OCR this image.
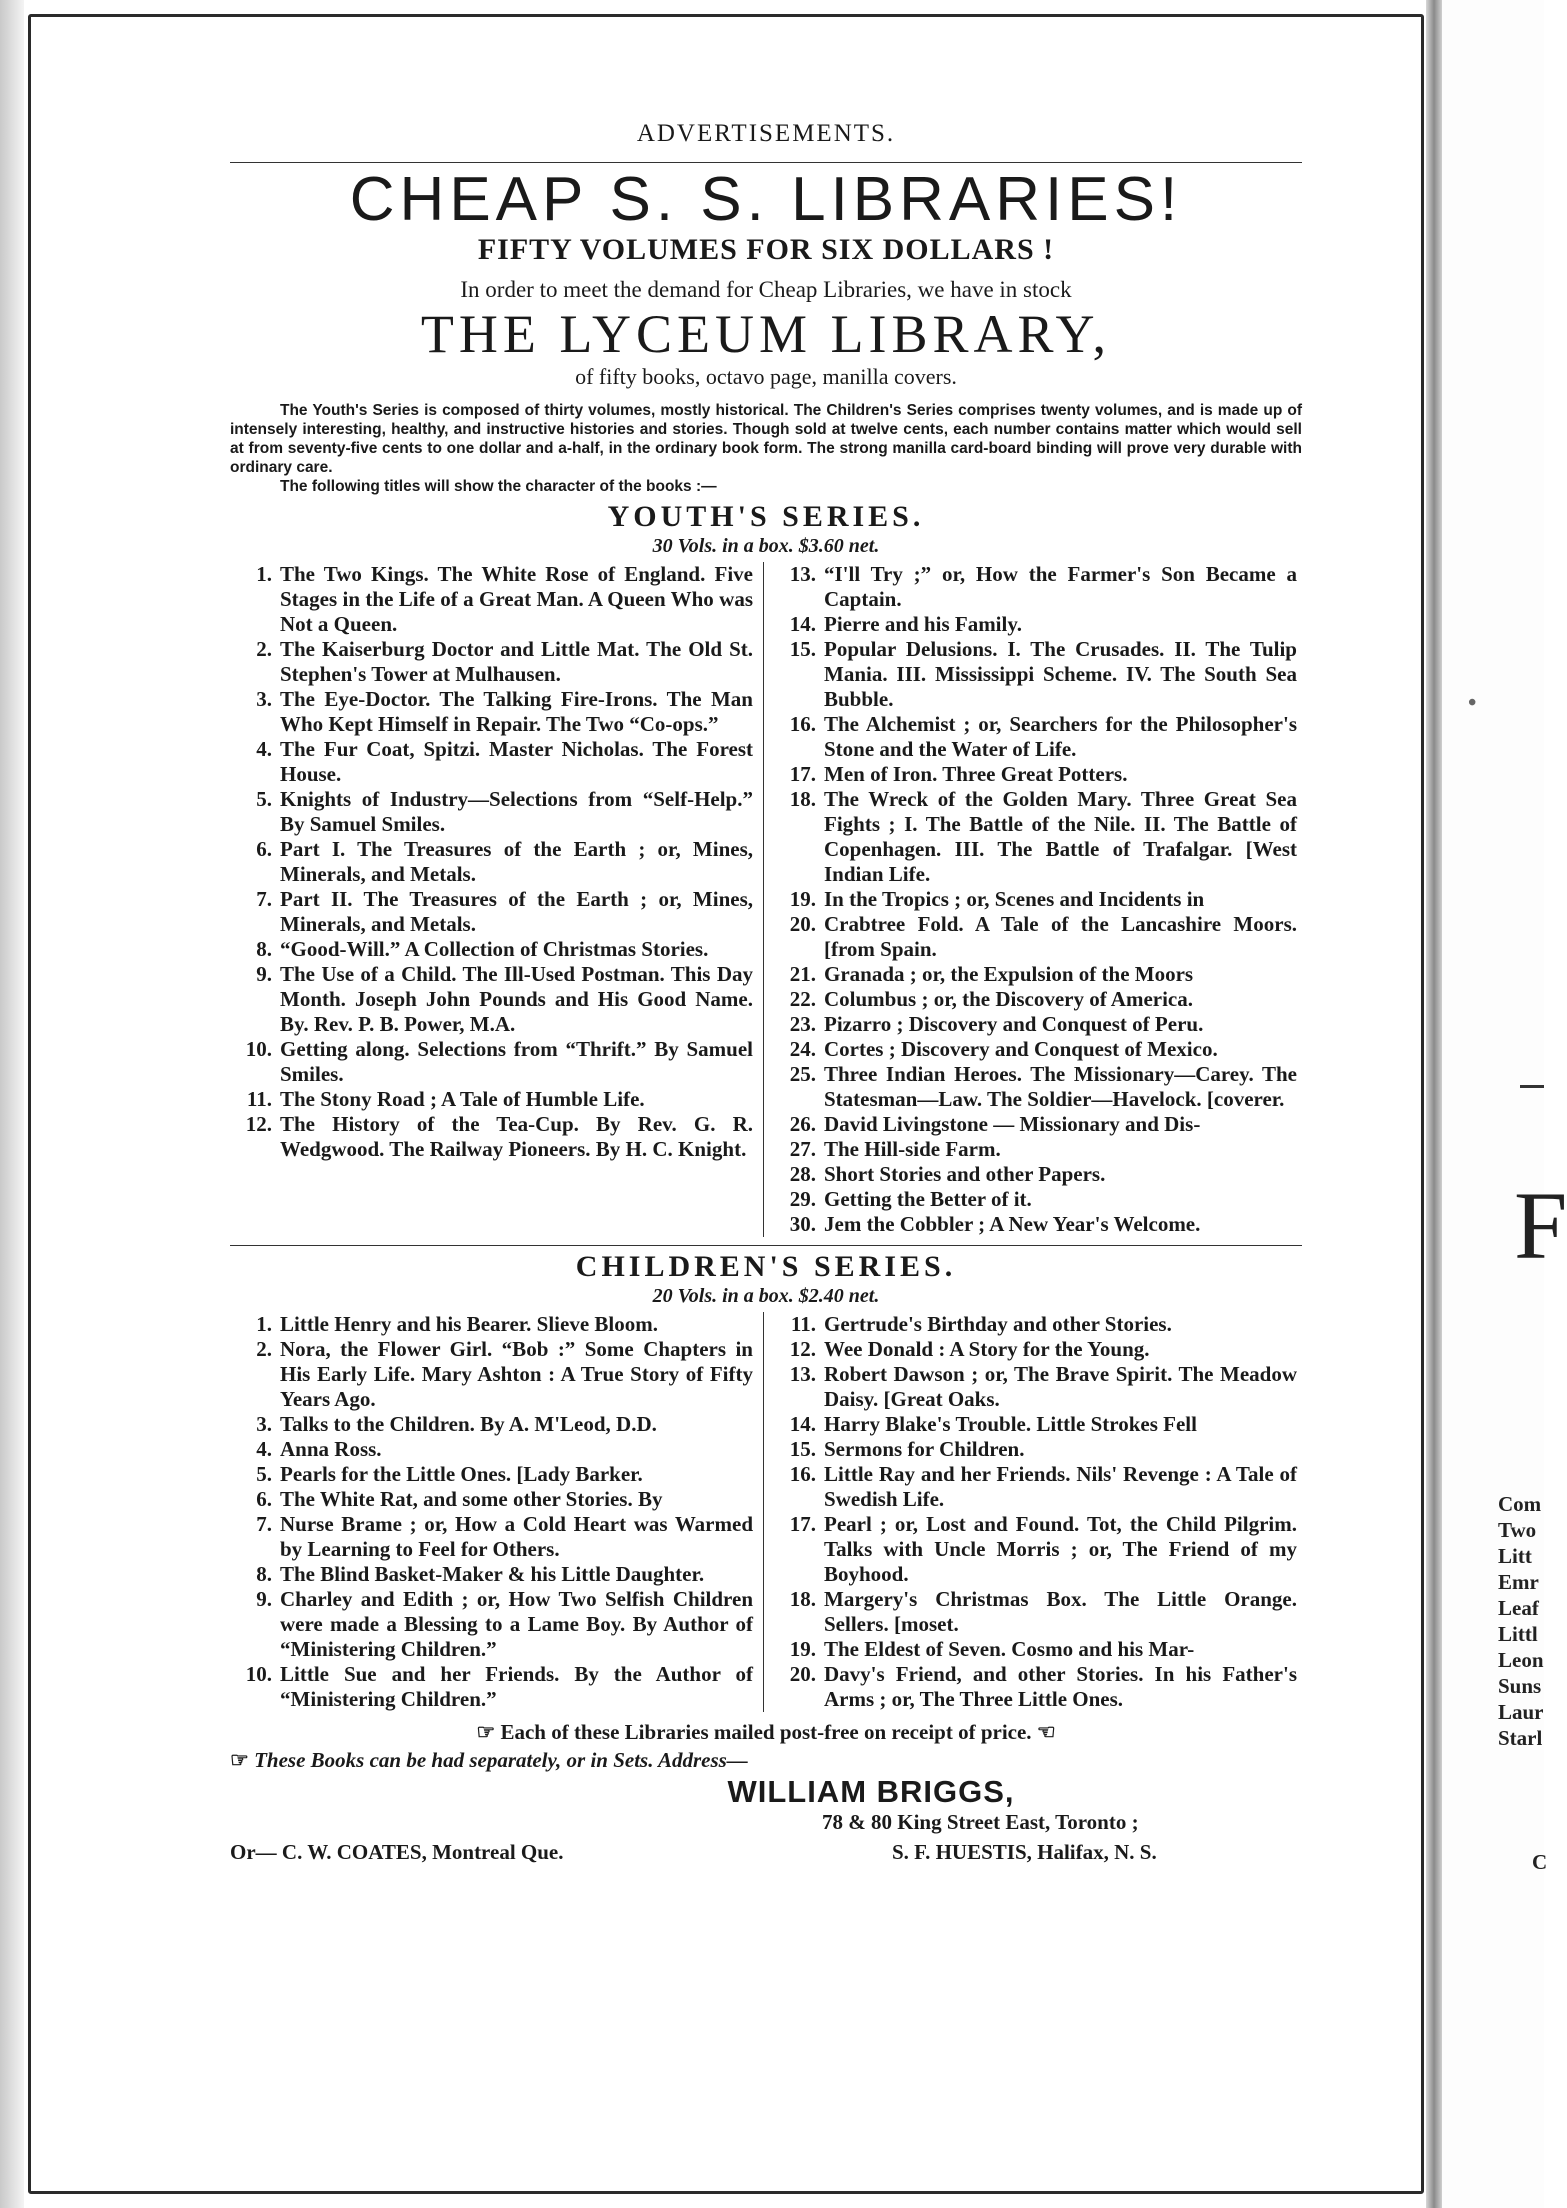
•
F
Com
Two
Litt
Emr
Leaf
Littl
Leon
Suns
Laur
Starl
C
ADVERTISEMENTS.
CHEAP S. S. LIBRARIES!
FIFTY VOLUMES FOR SIX DOLLARS !
In order to meet the demand for Cheap Libraries, we have in stock
THE LYCEUM LIBRARY,
of fifty books, octavo page, manilla covers.
The Youth's Series is composed of thirty volumes, mostly historical. The Children's Series comprises twenty volumes, and is made up of intensely interesting, healthy, and instructive histories and stories. Though sold at twelve cents, each number contains matter which would sell at from seventy-five cents to one dollar and a-half, in the ordinary book form. The strong manilla card-board binding will prove very durable with ordinary care.
The following titles will show the character of the books :—
YOUTH'S SERIES.
30 Vols. in a box. $3.60 net.
1. The Two Kings. The White Rose of England. Five Stages in the Life of a Great Man. A Queen Who was Not a Queen.
2. The Kaiserburg Doctor and Little Mat. The Old St. Stephen's Tower at Mulhausen.
3. The Eye-Doctor. The Talking Fire-Irons. The Man Who Kept Himself in Repair. The Two “Co-ops.”
4. The Fur Coat, Spitzi. Master Nicholas. The Forest House.
5. Knights of Industry—Selections from “Self-Help.” By Samuel Smiles.
6. Part I. The Treasures of the Earth ; or, Mines, Minerals, and Metals.
7. Part II. The Treasures of the Earth ; or, Mines, Minerals, and Metals.
8. “Good-Will.” A Collection of Christmas Stories.
9. The Use of a Child. The Ill-Used Postman. This Day Month. Joseph John Pounds and His Good Name. By. Rev. P. B. Power, M.A.
10. Getting along. Selections from “Thrift.” By Samuel Smiles.
11. The Stony Road ; A Tale of Humble Life.
12. The History of the Tea-Cup. By Rev. G. R. Wedgwood. The Railway Pioneers. By H. C. Knight.
13. “I'll Try ;” or, How the Farmer's Son Became a Captain.
14. Pierre and his Family.
15. Popular Delusions. I. The Crusades. II. The Tulip Mania. III. Mississippi Scheme. IV. The South Sea Bubble.
16. The Alchemist ; or, Searchers for the Philosopher's Stone and the Water of Life.
17. Men of Iron. Three Great Potters.
18. The Wreck of the Golden Mary. Three Great Sea Fights ; I. The Battle of the Nile. II. The Battle of Copenhagen. III. The Battle of Trafalgar. [West Indian Life.
19. In the Tropics ; or, Scenes and Incidents in
20. Crabtree Fold. A Tale of the Lancashire Moors. [from Spain.
21. Granada ; or, the Expulsion of the Moors
22. Columbus ; or, the Discovery of America.
23. Pizarro ; Discovery and Conquest of Peru.
24. Cortes ; Discovery and Conquest of Mexico.
25. Three Indian Heroes. The Missionary—Carey. The Statesman—Law. The Soldier—Havelock. [coverer.
26. David Livingstone — Missionary and Dis-
27. The Hill-side Farm.
28. Short Stories and other Papers.
29. Getting the Better of it.
30. Jem the Cobbler ; A New Year's Welcome.
CHILDREN'S SERIES.
20 Vols. in a box. $2.40 net.
1. Little Henry and his Bearer. Slieve Bloom.
2. Nora, the Flower Girl. “Bob :” Some Chapters in His Early Life. Mary Ashton : A True Story of Fifty Years Ago.
3. Talks to the Children. By A. M'Leod, D.D.
4. Anna Ross.
5. Pearls for the Little Ones. [Lady Barker.
6. The White Rat, and some other Stories. By
7. Nurse Brame ; or, How a Cold Heart was Warmed by Learning to Feel for Others.
8. The Blind Basket-Maker & his Little Daughter.
9. Charley and Edith ; or, How Two Selfish Children were made a Blessing to a Lame Boy. By Author of “Ministering Children.”
10. Little Sue and her Friends. By the Author of “Ministering Children.”
11. Gertrude's Birthday and other Stories.
12. Wee Donald : A Story for the Young.
13. Robert Dawson ; or, The Brave Spirit. The Meadow Daisy. [Great Oaks.
14. Harry Blake's Trouble. Little Strokes Fell
15. Sermons for Children.
16. Little Ray and her Friends. Nils' Revenge : A Tale of Swedish Life.
17. Pearl ; or, Lost and Found. Tot, the Child Pilgrim. Talks with Uncle Morris ; or, The Friend of my Boyhood.
18. Margery's Christmas Box. The Little Orange. Sellers. [moset.
19. The Eldest of Seven. Cosmo and his Mar-
20. Davy's Friend, and other Stories. In his Father's Arms ; or, The Three Little Ones.
☞ Each of these Libraries mailed post-free on receipt of price. ☜
☞ These Books can be had separately, or in Sets. Address—
WILLIAM BRIGGS,
78 & 80 King Street East, Toronto ;
Or— C. W. COATES, Montreal Que.	S. F. HUESTIS, Halifax, N. S.
